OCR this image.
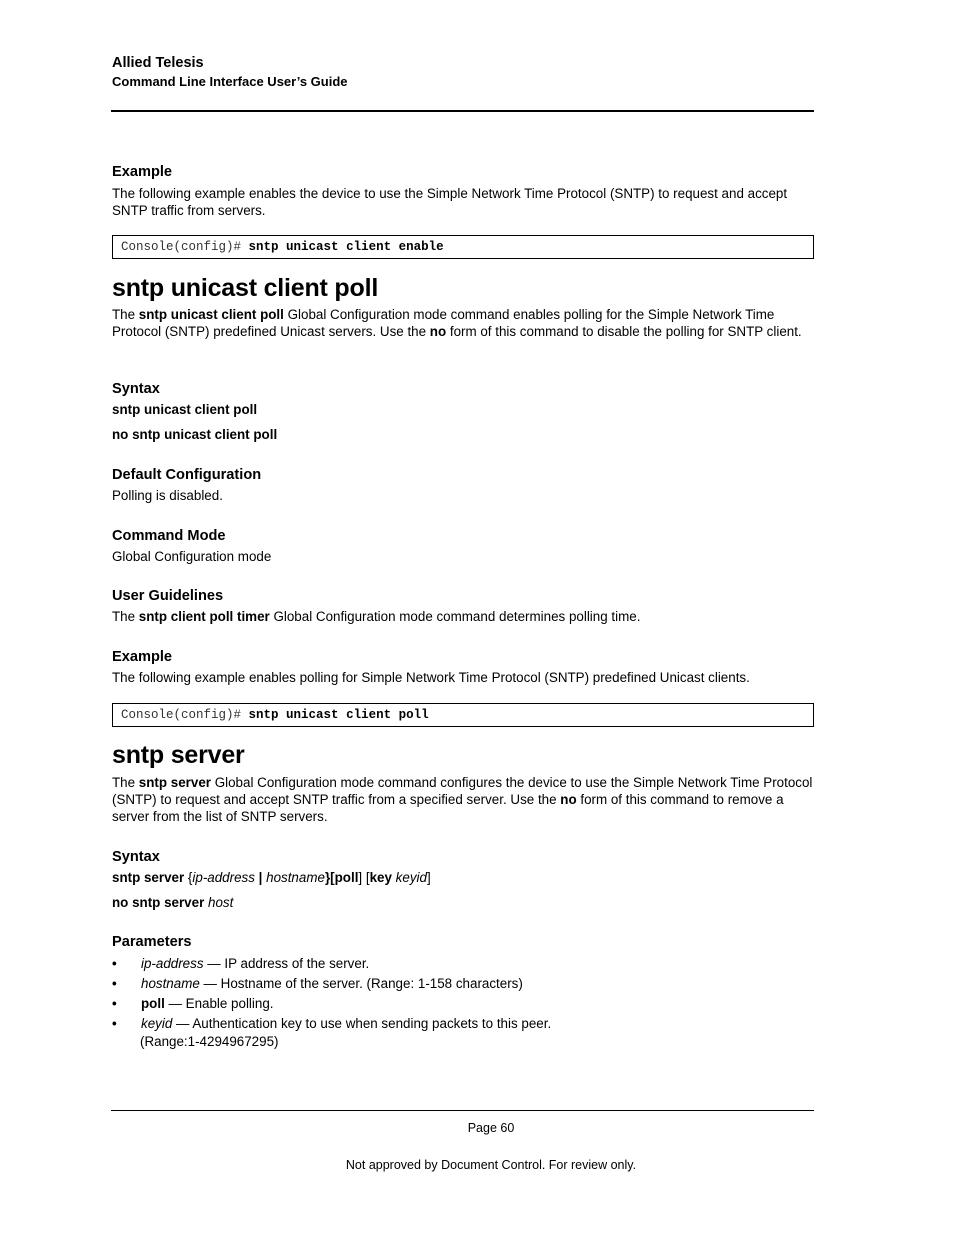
Allied Telesis
Command Line Interface User’s Guide
Example
The following example enables the device to use the Simple Network Time Protocol (SNTP) to request and accept SNTP traffic from servers.
Console(config)# sntp unicast client enable
sntp unicast client poll
The sntp unicast client poll Global Configuration mode command enables polling for the Simple Network Time Protocol (SNTP) predefined Unicast servers. Use the no form of this command to disable the polling for SNTP client.
Syntax
sntp unicast client poll
no sntp unicast client poll
Default Configuration
Polling is disabled.
Command Mode
Global Configuration mode
User Guidelines
The sntp client poll timer Global Configuration mode command determines polling time.
Example
The following example enables polling for Simple Network Time Protocol (SNTP) predefined Unicast clients.
Console(config)# sntp unicast client poll
sntp server
The sntp server Global Configuration mode command configures the device to use the Simple Network Time Protocol (SNTP) to request and accept SNTP traffic from a specified server. Use the no form of this command to remove a server from the list of SNTP servers.
Syntax
sntp server {ip-address | hostname}[poll] [key keyid]
no sntp server host
Parameters
• ip-address — IP address of the server.
• hostname — Hostname of the server. (Range: 1-158 characters)
• poll — Enable polling.
• keyid — Authentication key to use when sending packets to this peer.
(Range:1-4294967295)
Page 60
Not approved by Document Control. For review only.
